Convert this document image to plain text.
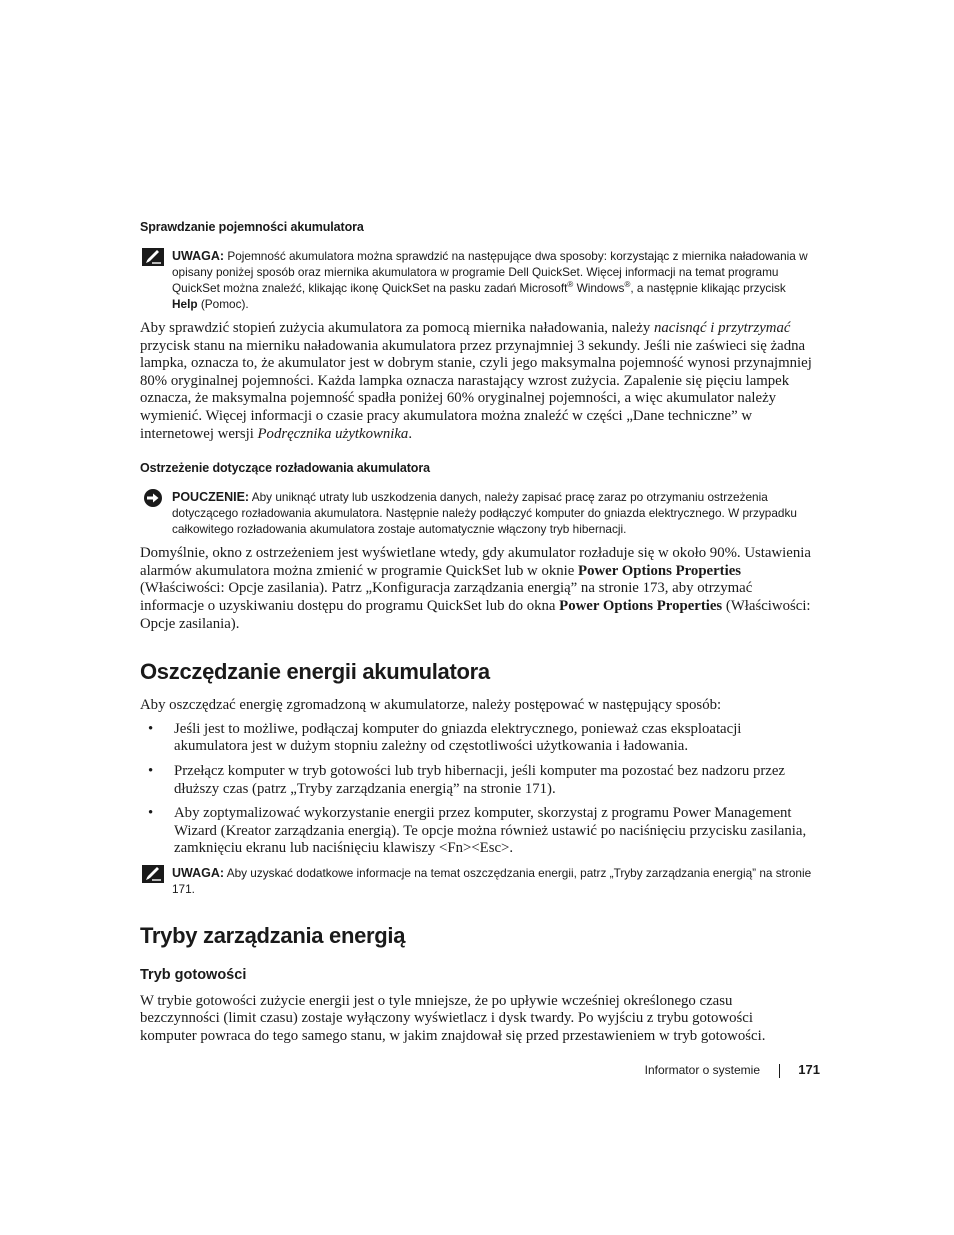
Sprawdzanie pojemności akumulatora
UWAGA: Pojemność akumulatora można sprawdzić na następujące dwa sposoby: korzystając z miernika naładowania w opisany poniżej sposób oraz miernika akumulatora w programie Dell QuickSet. Więcej informacji na temat programu QuickSet można znaleźć, klikając ikonę QuickSet na pasku zadań Microsoft® Windows®, a następnie klikając przycisk Help (Pomoc).

Aby sprawdzić stopień zużycia akumulatora za pomocą miernika naładowania, należy nacisnąć i przytrzymać przycisk stanu na mierniku naładowania akumulatora przez przynajmniej 3 sekundy. Jeśli nie zaświeci się żadna lampka, oznacza to, że akumulator jest w dobrym stanie, czyli jego maksymalna pojemność wynosi przynajmniej 80% oryginalnej pojemności. Każda lampka oznacza narastający wzrost zużycia. Zapalenie się pięciu lampek oznacza, że maksymalna pojemność spadła poniżej 60% oryginalnej pojemności, a więc akumulator należy wymienić. Więcej informacji o czasie pracy akumulatora można znaleźć w części „Dane techniczne” w internetowej wersji Podręcznika użytkownika.

Ostrzeżenie dotyczące rozładowania akumulatora
POUCZENIE: Aby uniknąć utraty lub uszkodzenia danych, należy zapisać pracę zaraz po otrzymaniu ostrzeżenia dotyczącego rozładowania akumulatora. Następnie należy podłączyć komputer do gniazda elektrycznego. W przypadku całkowitego rozładowania akumulatora zostaje automatycznie włączony tryb hibernacji.

Domyślnie, okno z ostrzeżeniem jest wyświetlane wtedy, gdy akumulator rozładuje się w około 90%. Ustawienia alarmów akumulatora można zmienić w programie QuickSet lub w oknie Power Options Properties (Właściwości: Opcje zasilania). Patrz „Konfiguracja zarządzania energią” na stronie 173, aby otrzymać informacje o uzyskiwaniu dostępu do programu QuickSet lub do okna Power Options Properties (Właściwości: Opcje zasilania).

Oszczędzanie energii akumulatora

Aby oszczędzać energię zgromadzoną w akumulatorze, należy postępować w następujący sposób:

• Jeśli jest to możliwe, podłączaj komputer do gniazda elektrycznego, ponieważ czas eksploatacji akumulatora jest w dużym stopniu zależny od częstotliwości użytkowania i ładowania.
• Przełącz komputer w tryb gotowości lub tryb hibernacji, jeśli komputer ma pozostać bez nadzoru przez dłuższy czas (patrz „Tryby zarządzania energią” na stronie 171).
• Aby zoptymalizować wykorzystanie energii przez komputer, skorzystaj z programu Power Management Wizard (Kreator zarządzania energią). Te opcje można również ustawić po naciśnięciu przycisku zasilania, zamknięciu ekranu lub naciśnięciu klawiszy <Fn><Esc>.
UWAGA: Aby uzyskać dodatkowe informacje na temat oszczędzania energii, patrz „Tryby zarządzania energią” na stronie 171.
Tryby zarządzania energią
Tryb gotowości

W trybie gotowości zużycie energii jest o tyle mniejsze, że po upływie wcześniej określonego czasu bezczynności (limit czasu) zostaje wyłączony wyświetlacz i dysk twardy. Po wyjściu z trybu gotowości komputer powraca do tego samego stanu, w jakim znajdował się przed przestawieniem w tryb gotowości.

Informator o systemie	171
